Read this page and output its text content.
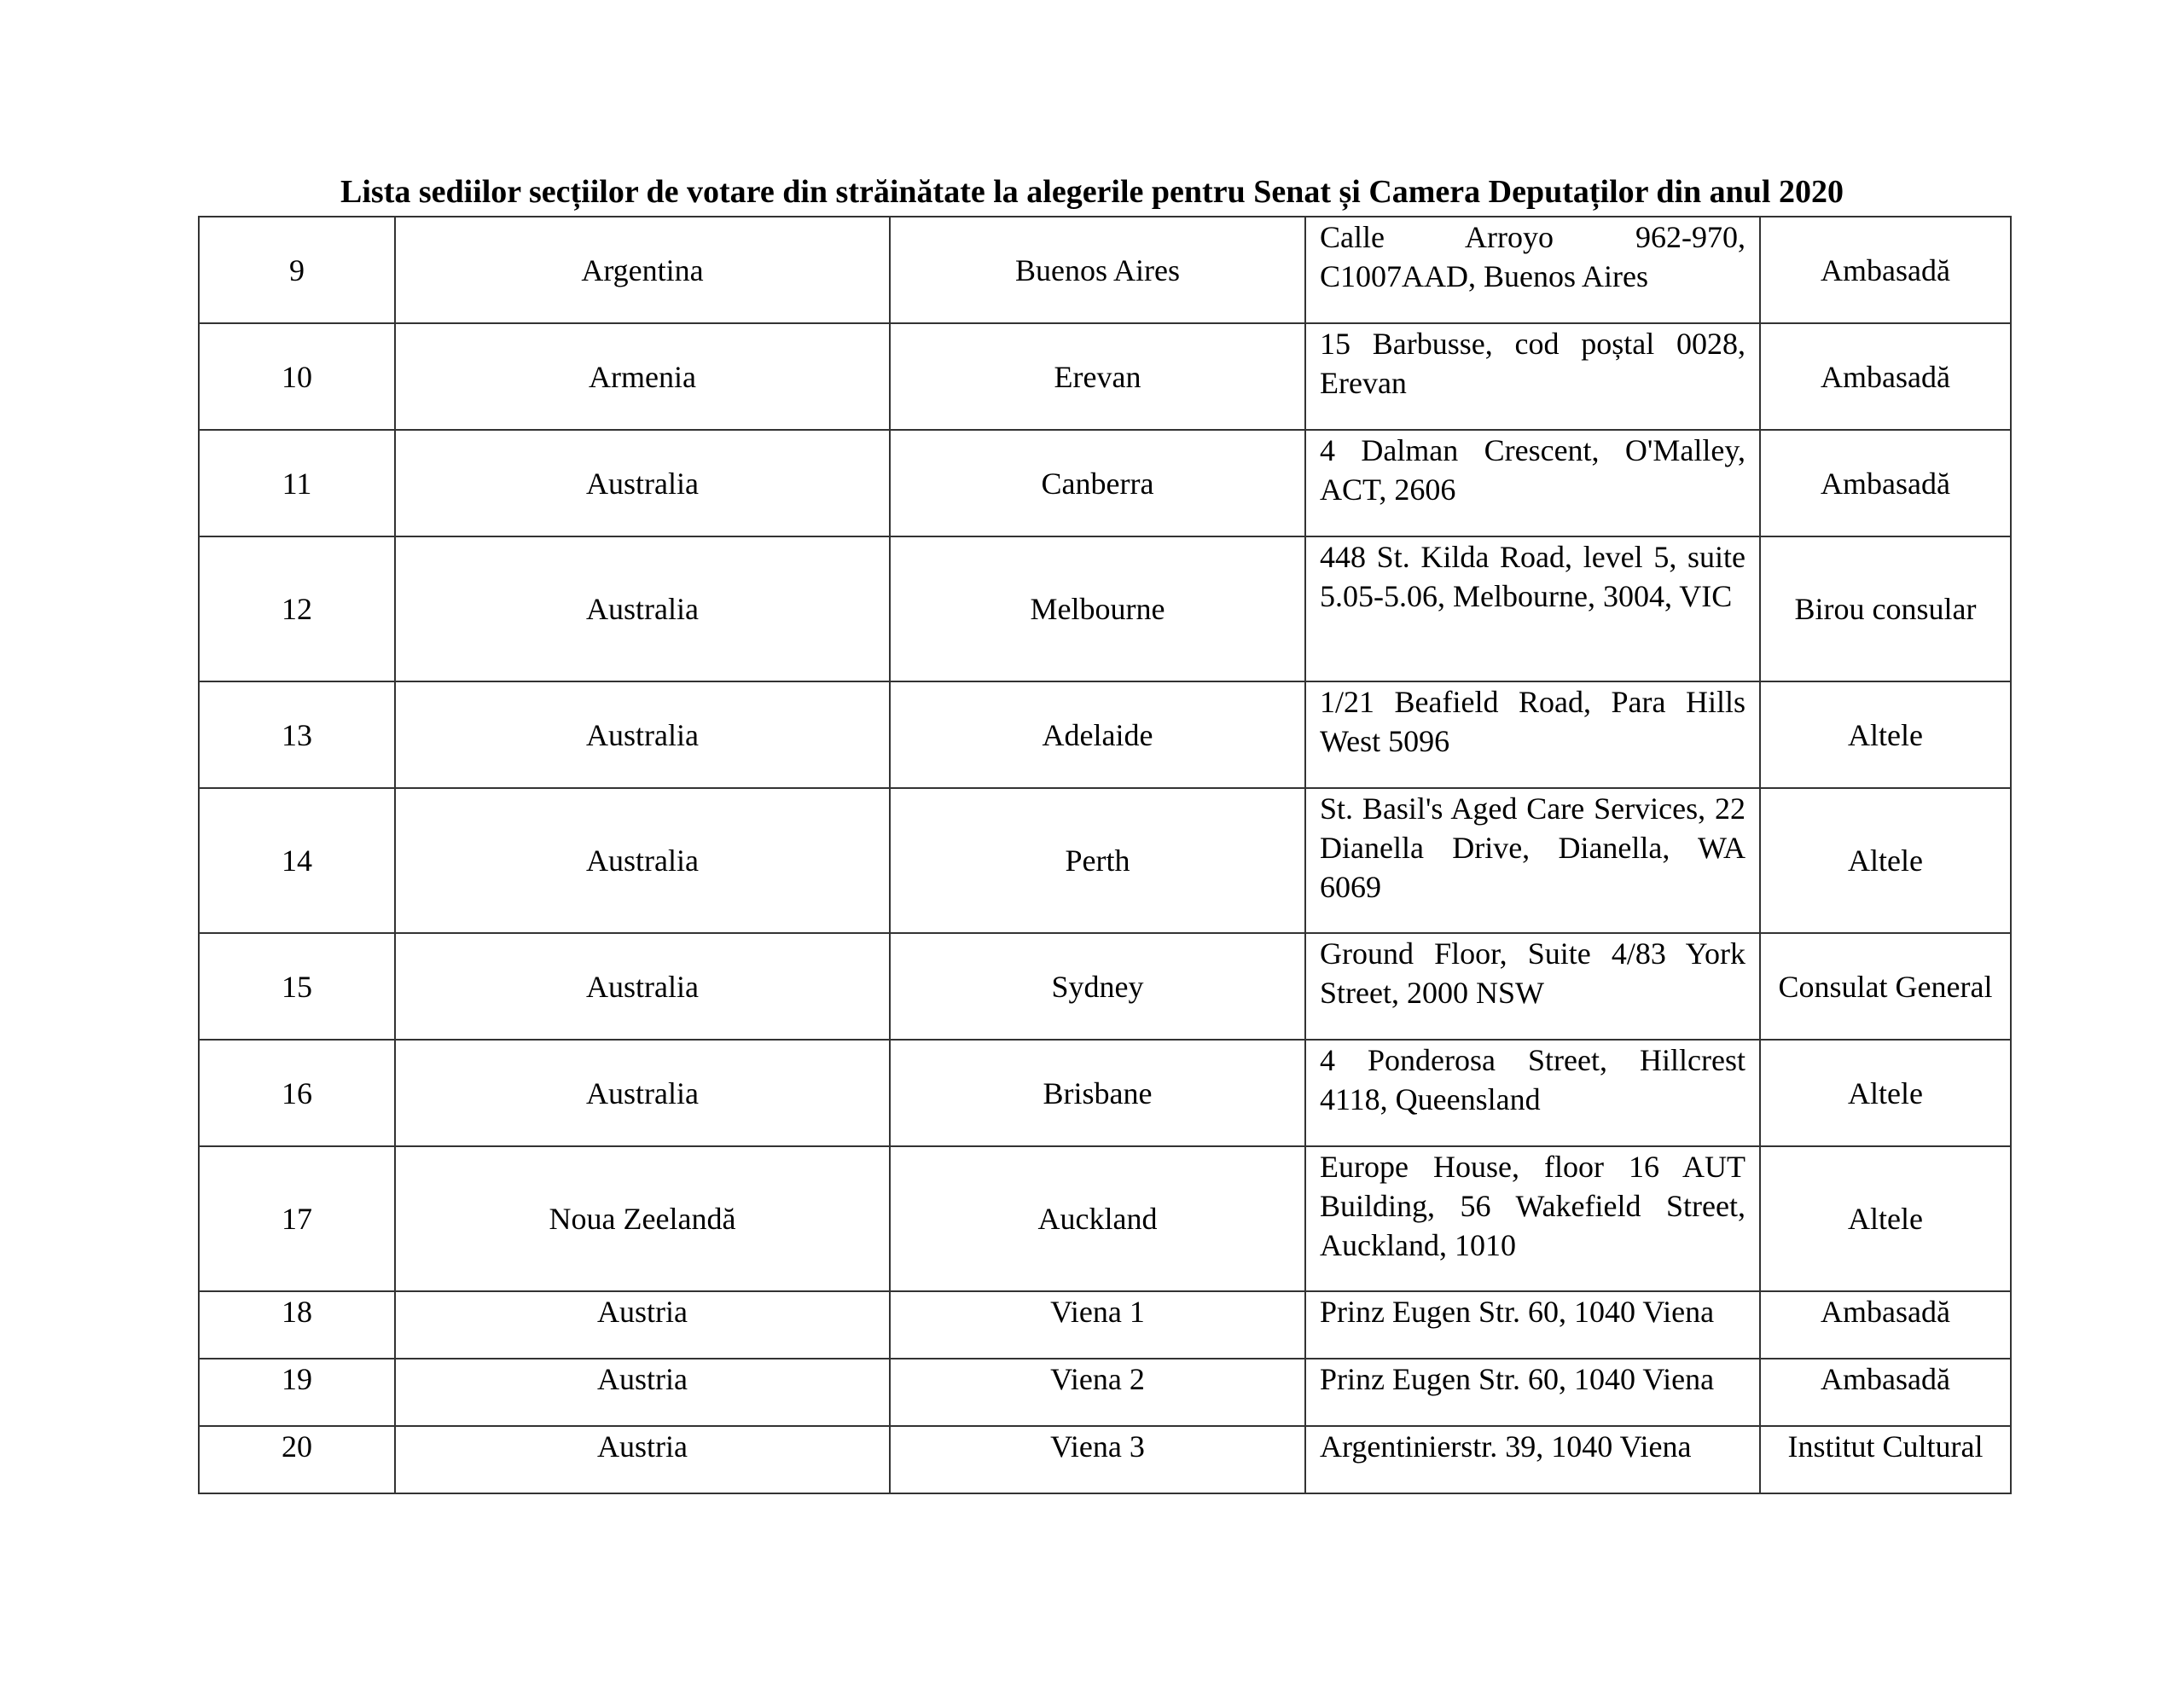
Lista sediilor secțiilor de votare din străinătate la alegerile pentru Senat și Camera Deputaților din anul 2020
9	Argentina	Buenos Aires	Calle Arroyo 962-970, C1007AAD, Buenos Aires	Ambasadă
10	Armenia	Erevan	15 Barbusse, cod poștal 0028, Erevan	Ambasadă
11	Australia	Canberra	4 Dalman Crescent, O'Malley, ACT, 2606	Ambasadă
12	Australia	Melbourne	448 St. Kilda Road, level 5, suite 5.05-5.06, Melbourne, 3004, VIC	Birou consular
13	Australia	Adelaide	1/21 Beafield Road, Para Hills West 5096	Altele
14	Australia	Perth	St. Basil's Aged Care Services, 22 Dianella Drive, Dianella, WA 6069	Altele
15	Australia	Sydney	Ground Floor, Suite 4/83 York Street, 2000 NSW	Consulat General
16	Australia	Brisbane	4 Ponderosa Street, Hillcrest 4118, Queensland	Altele
17	Noua Zeelandă	Auckland	Europe House, floor 16 AUT Building, 56 Wakefield Street, Auckland, 1010	Altele
18	Austria	Viena 1	Prinz Eugen Str. 60, 1040 Viena	Ambasadă
19	Austria	Viena 2	Prinz Eugen Str. 60, 1040 Viena	Ambasadă
20	Austria	Viena 3	Argentinierstr. 39, 1040 Viena	Institut Cultural
